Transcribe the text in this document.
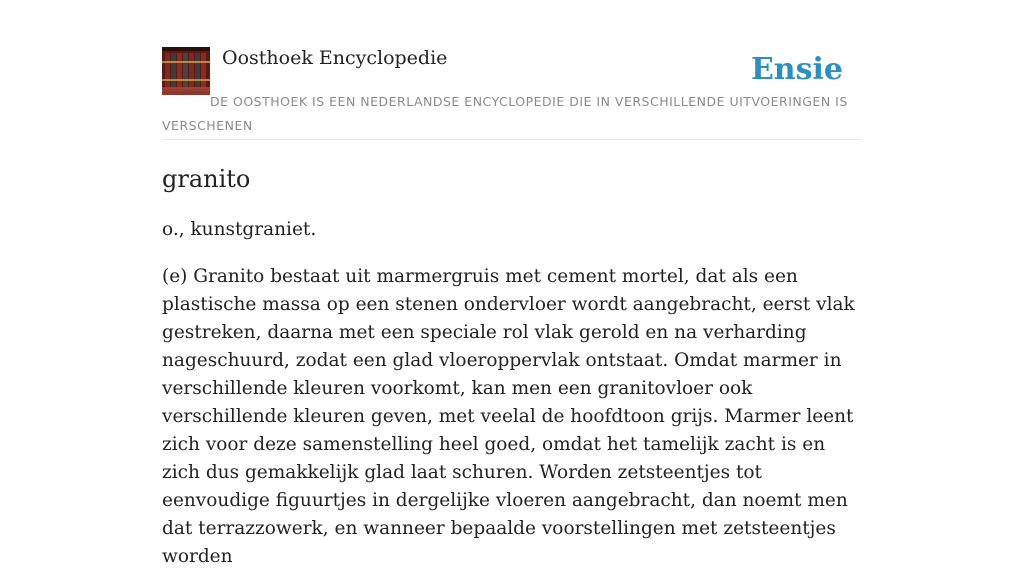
Oosthoek Encyclopedie	Ensie
DE OOSTHOEK IS EEN NEDERLANDSE ENCYCLOPEDIE DIE IN VERSCHILLENDE UITVOERINGEN IS VERSCHENEN
granito

o., kunstgraniet.

(e) Granito bestaat uit marmergruis met cement mortel, dat als een plastische massa op een stenen ondervloer wordt aangebracht, eerst vlak gestreken, daarna met een speciale rol vlak gerold en na verharding nageschuurd, zodat een glad vloeroppervlak ontstaat. Omdat marmer in verschillende kleuren voorkomt, kan men een granitovloer ook verschillende kleuren geven, met veelal de hoofdtoon grijs. Marmer leent zich voor deze samenstelling heel goed, omdat het tamelijk zacht is en zich dus gemakkelijk glad laat schuren. Worden zetsteentjes tot eenvoudige figuurtjes in dergelijke vloeren aangebracht, dan noemt men dat terrazzowerk, en wanneer bepaalde voorstellingen met zetsteentjes worden
